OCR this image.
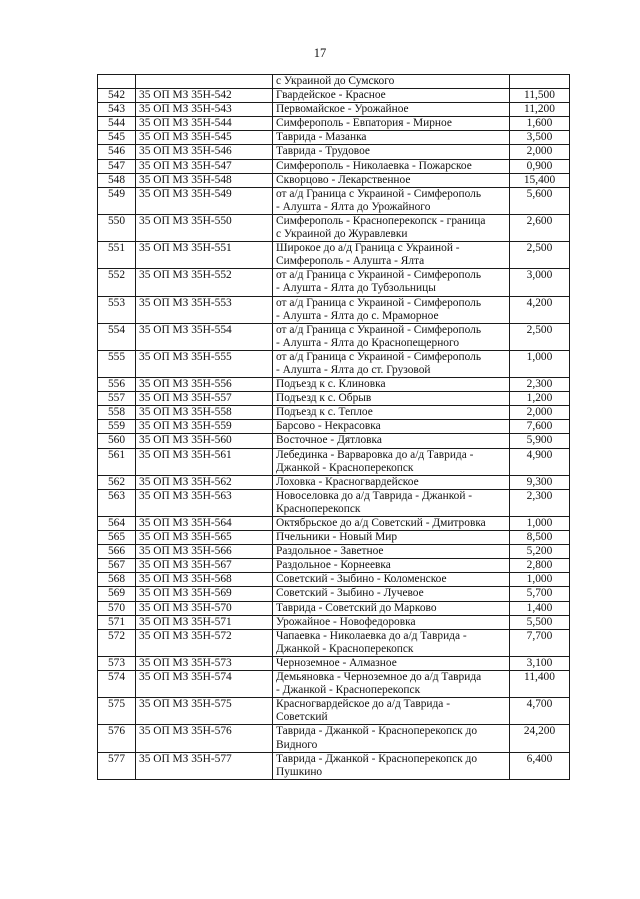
17

		с Украиной до Сумского	

542	35 ОП МЗ 35Н-542	Гвардейское - Красное	11,500
543	35 ОП МЗ 35Н-543	Первомайское - Урожайное	11,200
544	35 ОП МЗ 35Н-544	Симферополь - Евпатория - Мирное	1,600
545	35 ОП МЗ 35Н-545	Таврида - Мазанка	3,500
546	35 ОП МЗ 35Н-546	Таврида - Трудовое	2,000
547	35 ОП МЗ 35Н-547	Симферополь - Николаевка - Пожарское	0,900
548	35 ОП МЗ 35Н-548	Скворцово - Лекарственное	15,400
549	35 ОП МЗ 35Н-549	от а/д Граница с Украиной - Симферополь
- Алушта - Ялта до Урожайного	5,600
550	35 ОП МЗ 35Н-550	Симферополь - Красноперекопск - граница
с Украиной до Журавлевки	2,600
551	35 ОП МЗ 35Н-551	Широкое до а/д Граница с Украиной -
Симферополь - Алушта - Ялта	2,500
552	35 ОП МЗ 35Н-552	от а/д Граница с Украиной - Симферополь
- Алушта - Ялта до Тубзольницы	3,000
553	35 ОП МЗ 35Н-553	от а/д Граница с Украиной - Симферополь
- Алушта - Ялта до с. Мраморное	4,200
554	35 ОП МЗ 35Н-554	от а/д Граница с Украиной - Симферополь
- Алушта - Ялта до Краснопещерного	2,500
555	35 ОП МЗ 35Н-555	от а/д Граница с Украиной - Симферополь
- Алушта - Ялта до ст. Грузовой	1,000
556	35 ОП МЗ 35Н-556	Подъезд к с. Клиновка	2,300
557	35 ОП МЗ 35Н-557	Подъезд к с. Обрыв	1,200
558	35 ОП МЗ 35Н-558	Подъезд к с. Теплое	2,000
559	35 ОП МЗ 35Н-559	Барсово - Некрасовка	7,600
560	35 ОП МЗ 35Н-560	Восточное - Дятловка	5,900
561	35 ОП МЗ 35Н-561	Лебединка - Варваровка до а/д Таврида -
Джанкой - Красноперекопск	4,900
562	35 ОП МЗ 35Н-562	Лоховка - Красногвардейское	9,300
563	35 ОП МЗ 35Н-563	Новоселовка до а/д Таврида - Джанкой -
Красноперекопск	2,300
564	35 ОП МЗ 35Н-564	Октябрьское до а/д Советский - Дмитровка	1,000
565	35 ОП МЗ 35Н-565	Пчельники - Новый Мир	8,500
566	35 ОП МЗ 35Н-566	Раздольное - Заветное	5,200
567	35 ОП МЗ 35Н-567	Раздольное - Корнеевка	2,800
568	35 ОП МЗ 35Н-568	Советский - Зыбино - Коломенское	1,000
569	35 ОП МЗ 35Н-569	Советский - Зыбино - Лучевое	5,700
570	35 ОП МЗ 35Н-570	Таврида - Советский до Марково	1,400
571	35 ОП МЗ 35Н-571	Урожайное - Новофедоровка	5,500
572	35 ОП МЗ 35Н-572	Чапаевка - Николаевка до а/д Таврида -
Джанкой - Красноперекопск	7,700
573	35 ОП МЗ 35Н-573	Черноземное - Алмазное	3,100
574	35 ОП МЗ 35Н-574	Демьяновка - Черноземное до а/д Таврида
- Джанкой - Красноперекопск	11,400
575	35 ОП МЗ 35Н-575	Красногвардейское до а/д Таврида -
Советский	4,700
576	35 ОП МЗ 35Н-576	Таврида - Джанкой - Красноперекопск до
Видного	24,200
577	35 ОП МЗ 35Н-577	Таврида - Джанкой - Красноперекопск до
Пушкино	6,400
